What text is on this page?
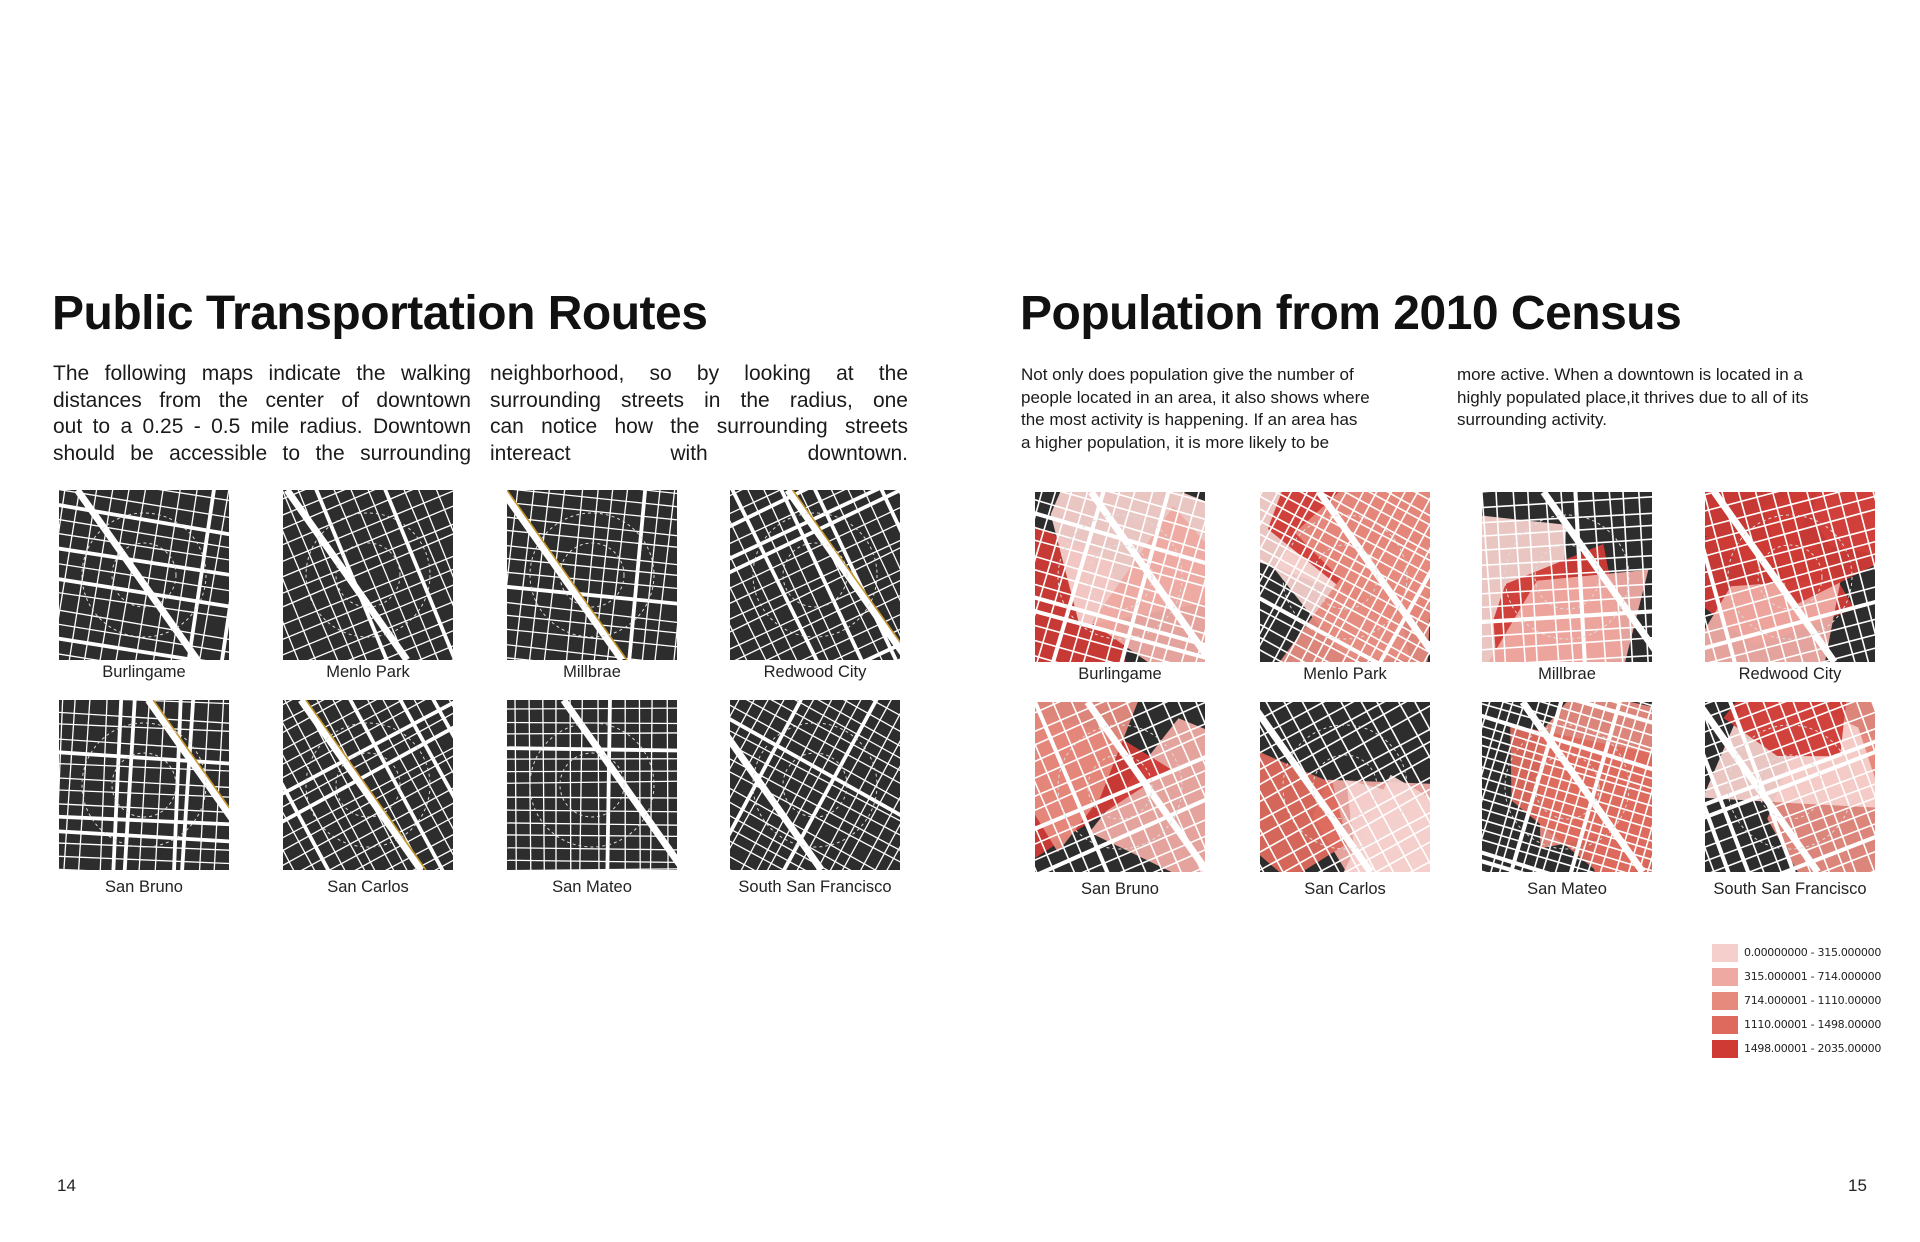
Public Transportation Routes

The following maps indicate the walking
distances from the center of downtown
out to a 0.25 - 0.5 mile radius. Downtown
should be accessible to the surrounding

neighborhood, so by looking at the
surrounding streets in the radius, one
can notice how the surrounding streets
intereact with downtown.

Burlingame	Menlo Park	Millbrae	Redwood City
San Bruno	San Carlos	San Mateo	South San Francisco
14
Population from 2010 Census

Not only does population give the number of
people located in an area, it also shows where
the most activity is happening. If an area has
a higher population, it is more likely to be

more active. When a downtown is located in a
highly populated place,it thrives due to all of its
surrounding activity.

Burlingame	Menlo Park	Millbrae	Redwood City
San Bruno	San Carlos	San Mateo	South San Francisco
15
0.00000000 - 315.000000
315.000001 - 714.000000
714.000001 - 1110.00000
1110.00001 - 1498.00000
1498.00001 - 2035.00000
